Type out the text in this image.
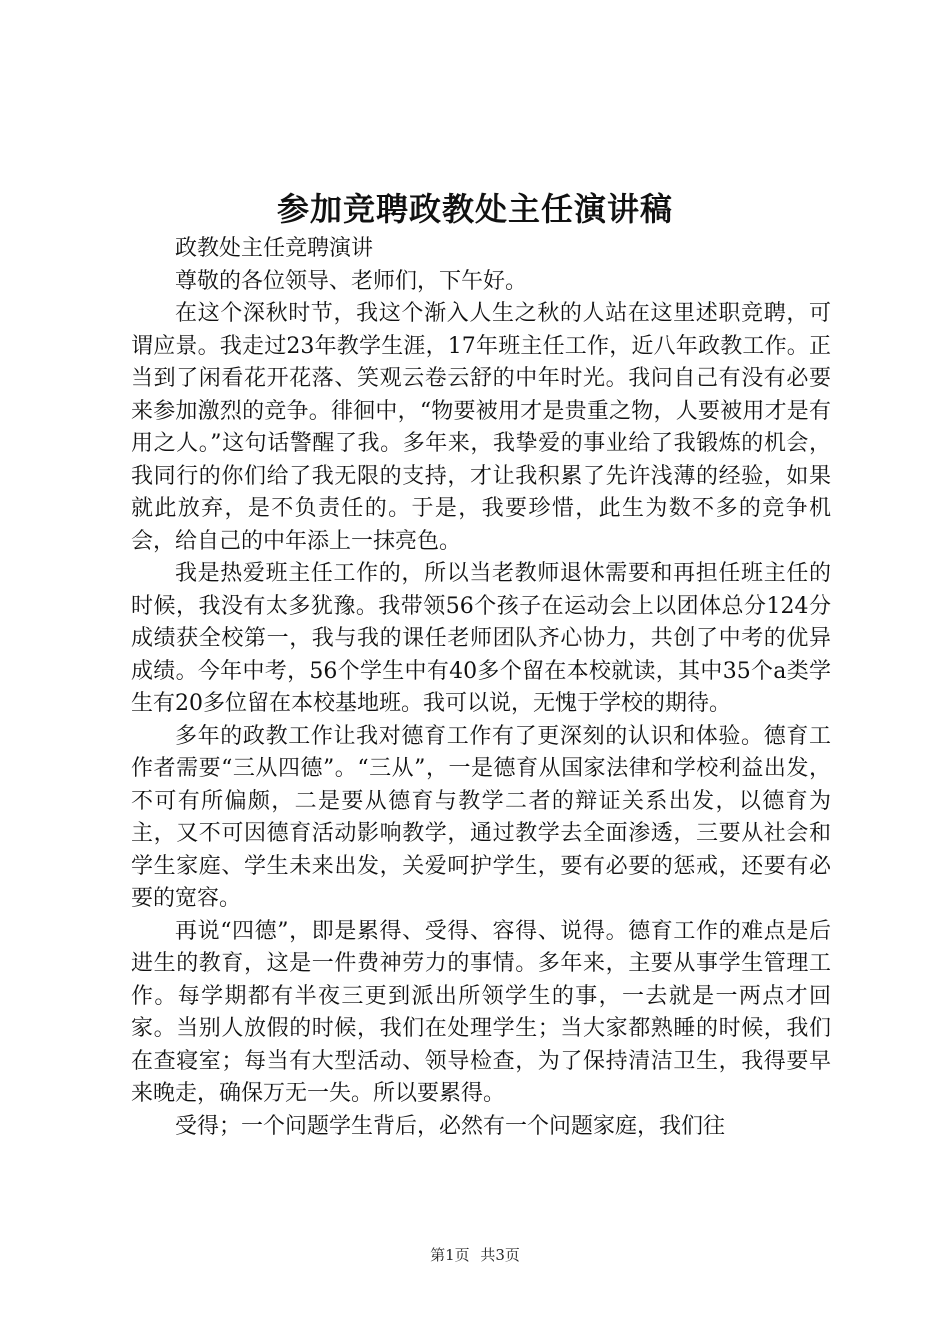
参加竞聘政教处主任演讲稿

政教处主任竞聘演讲

尊敬的各位领导、老师们，下午好。

在这个深秋时节，我这个渐入人生之秋的人站在这里述职竞聘，可谓应景。我走过23年教学生涯，17年班主任工作，近八年政教工作。正当到了闲看花开花落、笑观云卷云舒的中年时光。我问自己有没有必要来参加激烈的竞争。徘徊中，“物要被用才是贵重之物，人要被用才是有用之人。”这句话警醒了我。多年来，我挚爱的事业给了我锻炼的机会，我同行的你们给了我无限的支持，才让我积累了先许浅薄的经验，如果就此放弃，是不负责任的。于是，我要珍惜，此生为数不多的竞争机会，给自己的中年添上一抹亮色。

我是热爱班主任工作的，所以当老教师退休需要和再担任班主任的时候，我没有太多犹豫。我带领56个孩子在运动会上以团体总分124分成绩获全校第一，我与我的课任老师团队齐心协力，共创了中考的优异成绩。今年中考，56个学生中有40多个留在本校就读，其中35个a类学生有20多位留在本校基地班。我可以说，无愧于学校的期待。

多年的政教工作让我对德育工作有了更深刻的认识和体验。德育工作者需要“三从四德”。“三从”，一是德育从国家法律和学校利益出发，不可有所偏颇，二是要从德育与教学二者的辩证关系出发，以德育为主，又不可因德育活动影响教学，通过教学去全面渗透，三要从社会和学生家庭、学生未来出发，关爱呵护学生，要有必要的惩戒，还要有必要的宽容。

再说“四德”，即是累得、受得、容得、说得。德育工作的难点是后进生的教育，这是一件费神劳力的事情。多年来，主要从事学生管理工作。每学期都有半夜三更到派出所领学生的事，一去就是一两点才回家。当别人放假的时候，我们在处理学生；当大家都熟睡的时候，我们在查寝室；每当有大型活动、领导检查，为了保持清洁卫生，我得要早来晚走，确保万无一失。所以要累得。

受得；一个问题学生背后，必然有一个问题家庭，我们往

第1页 共3页
